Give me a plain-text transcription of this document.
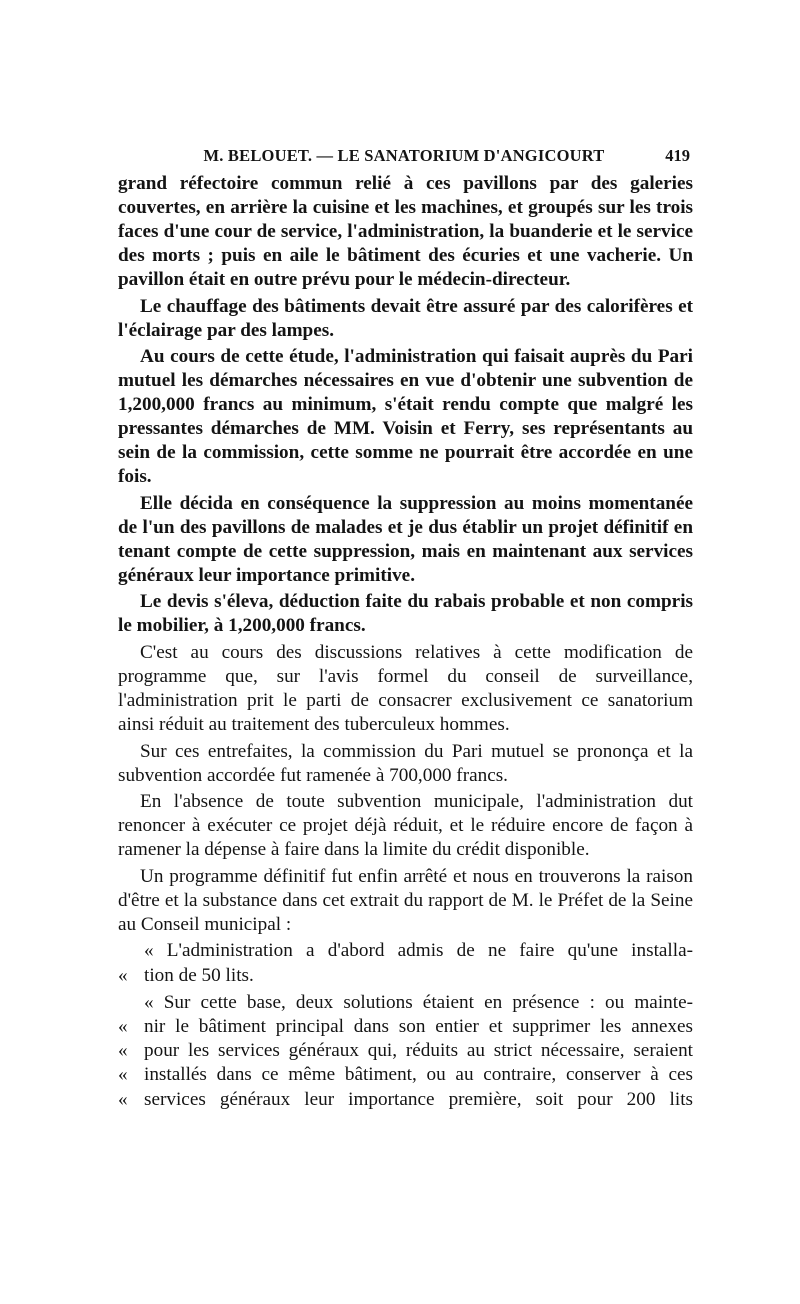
M. BELOUET. — LE SANATORIUM D'ANGICOURT	419

grand réfectoire commun relié à ces pavillons par des galeries couvertes, en arrière la cuisine et les machines, et groupés sur les trois faces d'une cour de service, l'administration, la buanderie et le service des morts ; puis en aile le bâtiment des écuries et une vacherie. Un pavillon était en outre prévu pour le médecin-directeur.

Le chauffage des bâtiments devait être assuré par des calorifères et l'éclairage par des lampes.

Au cours de cette étude, l'administration qui faisait auprès du Pari mutuel les démarches nécessaires en vue d'obtenir une subvention de 1,200,000 francs au minimum, s'était rendu compte que malgré les pressantes démarches de MM. Voisin et Ferry, ses représentants au sein de la commission, cette somme ne pourrait être accordée en une fois.

Elle décida en conséquence la suppression au moins momentanée de l'un des pavillons de malades et je dus établir un projet définitif en tenant compte de cette suppression, mais en maintenant aux services généraux leur importance primitive.

Le devis s'éleva, déduction faite du rabais probable et non compris le mobilier, à 1,200,000 francs.

C'est au cours des discussions relatives à cette modification de programme que, sur l'avis formel du conseil de surveillance, l'administration prit le parti de consacrer exclusivement ce sanatorium ainsi réduit au traitement des tuberculeux hommes.

Sur ces entrefaites, la commission du Pari mutuel se prononça et la subvention accordée fut ramenée à 700,000 francs.

En l'absence de toute subvention municipale, l'administration dut renoncer à exécuter ce projet déjà réduit, et le réduire encore de façon à ramener la dépense à faire dans la limite du crédit disponible.

Un programme définitif fut enfin arrêté et nous en trouverons la raison d'être et la substance dans cet extrait du rapport de M. le Préfet de la Seine au Conseil municipal :

« L'administration a d'abord admis de ne faire qu'une installa-
« tion de 50 lits.
« Sur cette base, deux solutions étaient en présence : ou mainte-
« nir le bâtiment principal dans son entier et supprimer les annexes
« pour les services généraux qui, réduits au strict nécessaire, seraient
« installés dans ce même bâtiment, ou au contraire, conserver à ces
« services généraux leur importance première, soit pour 200 lits
